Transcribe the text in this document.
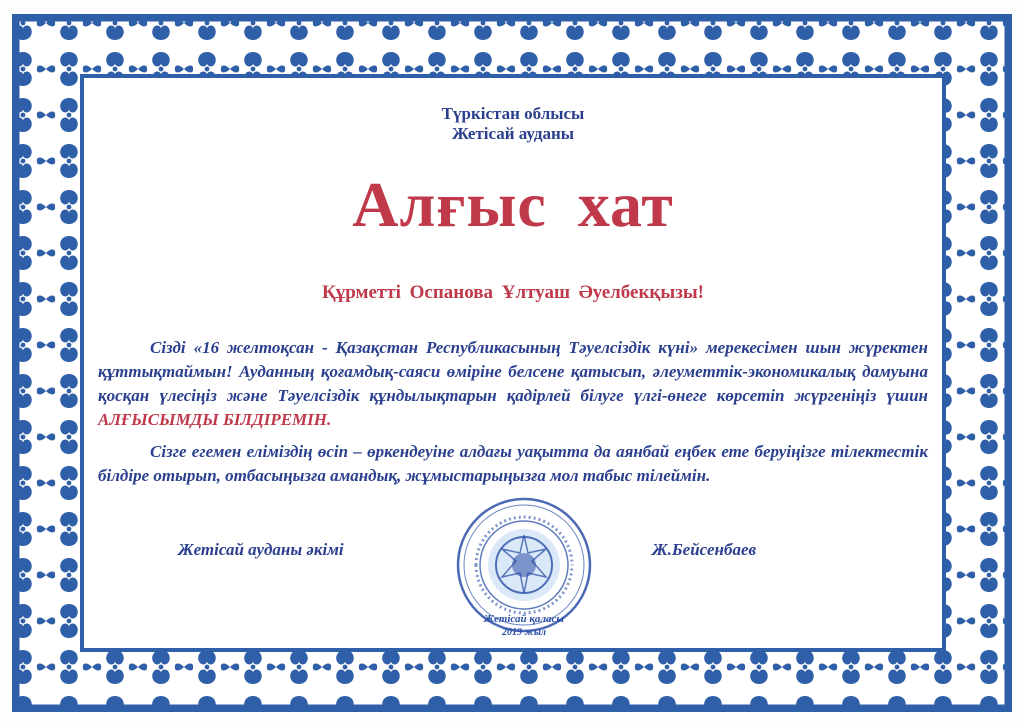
Түркістан облысы
Жетісай ауданы
Алғыс хат
Құрметті Оспанова Ұлтуаш Әуелбекқызы!

Сізді «16 желтоқсан - Қазақстан Республикасының Тәуелсіздік күні» мерекесімен шын жүректен құттықтаймын! Ауданның қоғамдық-саяси өміріне белсене қатысып, әлеуметтік-экономикалық дамуына қосқан үлесіңіз және Тәуелсіздік құндылықтарын қадірлей білуге үлгі-өнеге көрсетіп жүргеніңіз үшин АЛҒЫСЫМДЫ БІЛДІРЕМІН.

Сізге егемен еліміздің өсіп – өркендеуіне алдағы уақытта да аянбай еңбек ете беруіңізге тілектестік білдіре отырып, отбасыңызға амандық, жұмыстарыңызға мол табыс тілеймін.

Жетісай ауданы әкімі
Жетісай қаласы
2019 жыл
Ж.Бейсенбаев
